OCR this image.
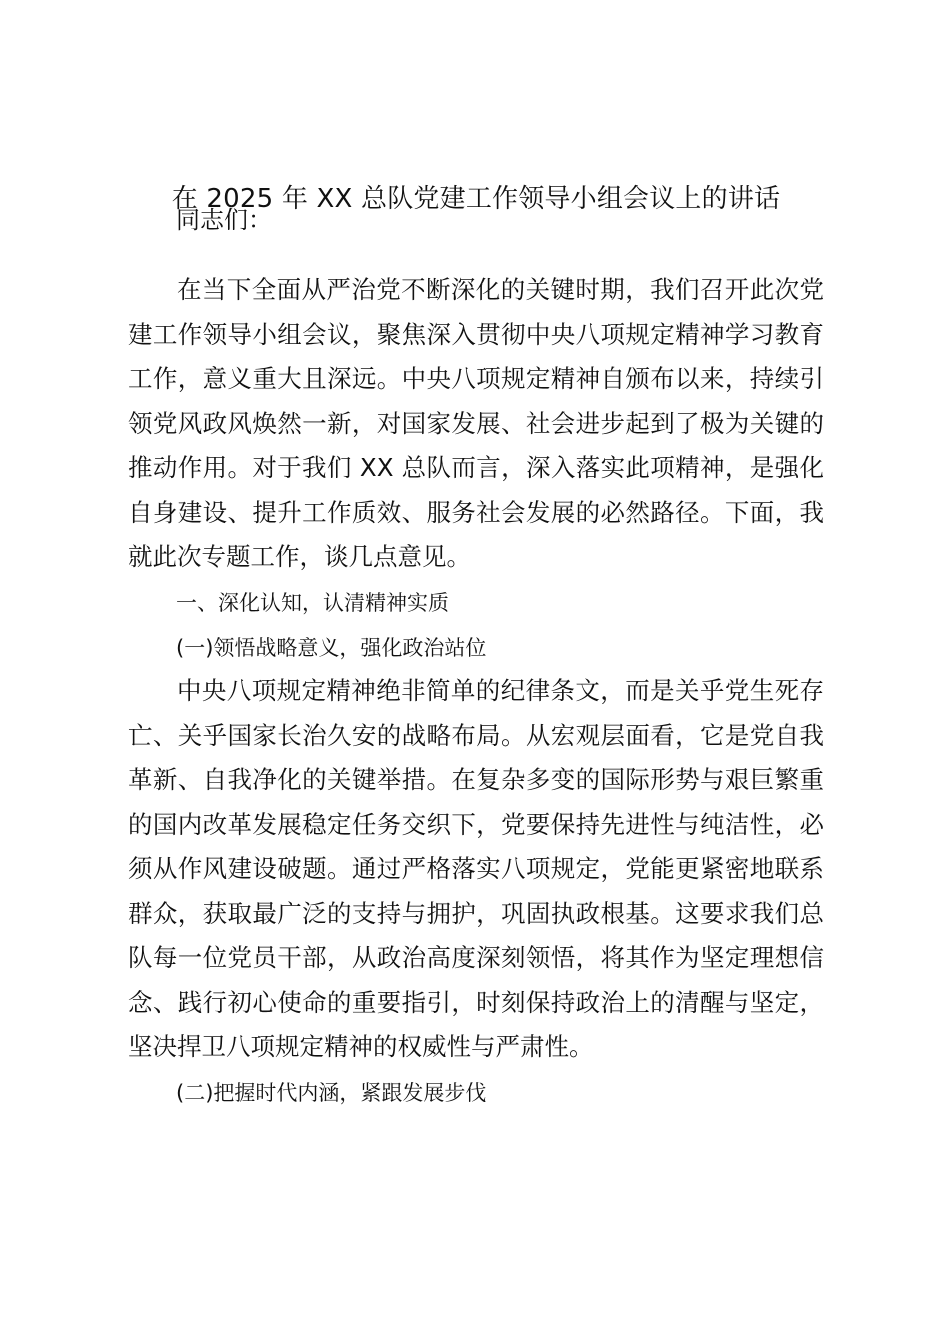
在 2025 年 XX 总队党建工作领导小组会议上的讲话
同志们：

在当下全面从严治党不断深化的关键时期，我们召开此次党建工作领导小组会议，聚焦深入贯彻中央八项规定精神学习教育工作，意义重大且深远。中央八项规定精神自颁布以来，持续引领党风政风焕然一新，对国家发展、社会进步起到了极为关键的推动作用。对于我们 XX 总队而言，深入落实此项精神，是强化自身建设、提升工作质效、服务社会发展的必然路径。下面，我就此次专题工作，谈几点意见。

一、深化认知，认清精神实质

(一)领悟战略意义，强化政治站位

中央八项规定精神绝非简单的纪律条文，而是关乎党生死存亡、关乎国家长治久安的战略布局。从宏观层面看，它是党自我革新、自我净化的关键举措。在复杂多变的国际形势与艰巨繁重的国内改革发展稳定任务交织下，党要保持先进性与纯洁性，必须从作风建设破题。通过严格落实八项规定，党能更紧密地联系群众，获取最广泛的支持与拥护，巩固执政根基。这要求我们总队每一位党员干部，从政治高度深刻领悟，将其作为坚定理想信念、践行初心使命的重要指引，时刻保持政治上的清醒与坚定，坚决捍卫八项规定精神的权威性与严肃性。

(二)把握时代内涵，紧跟发展步伐
